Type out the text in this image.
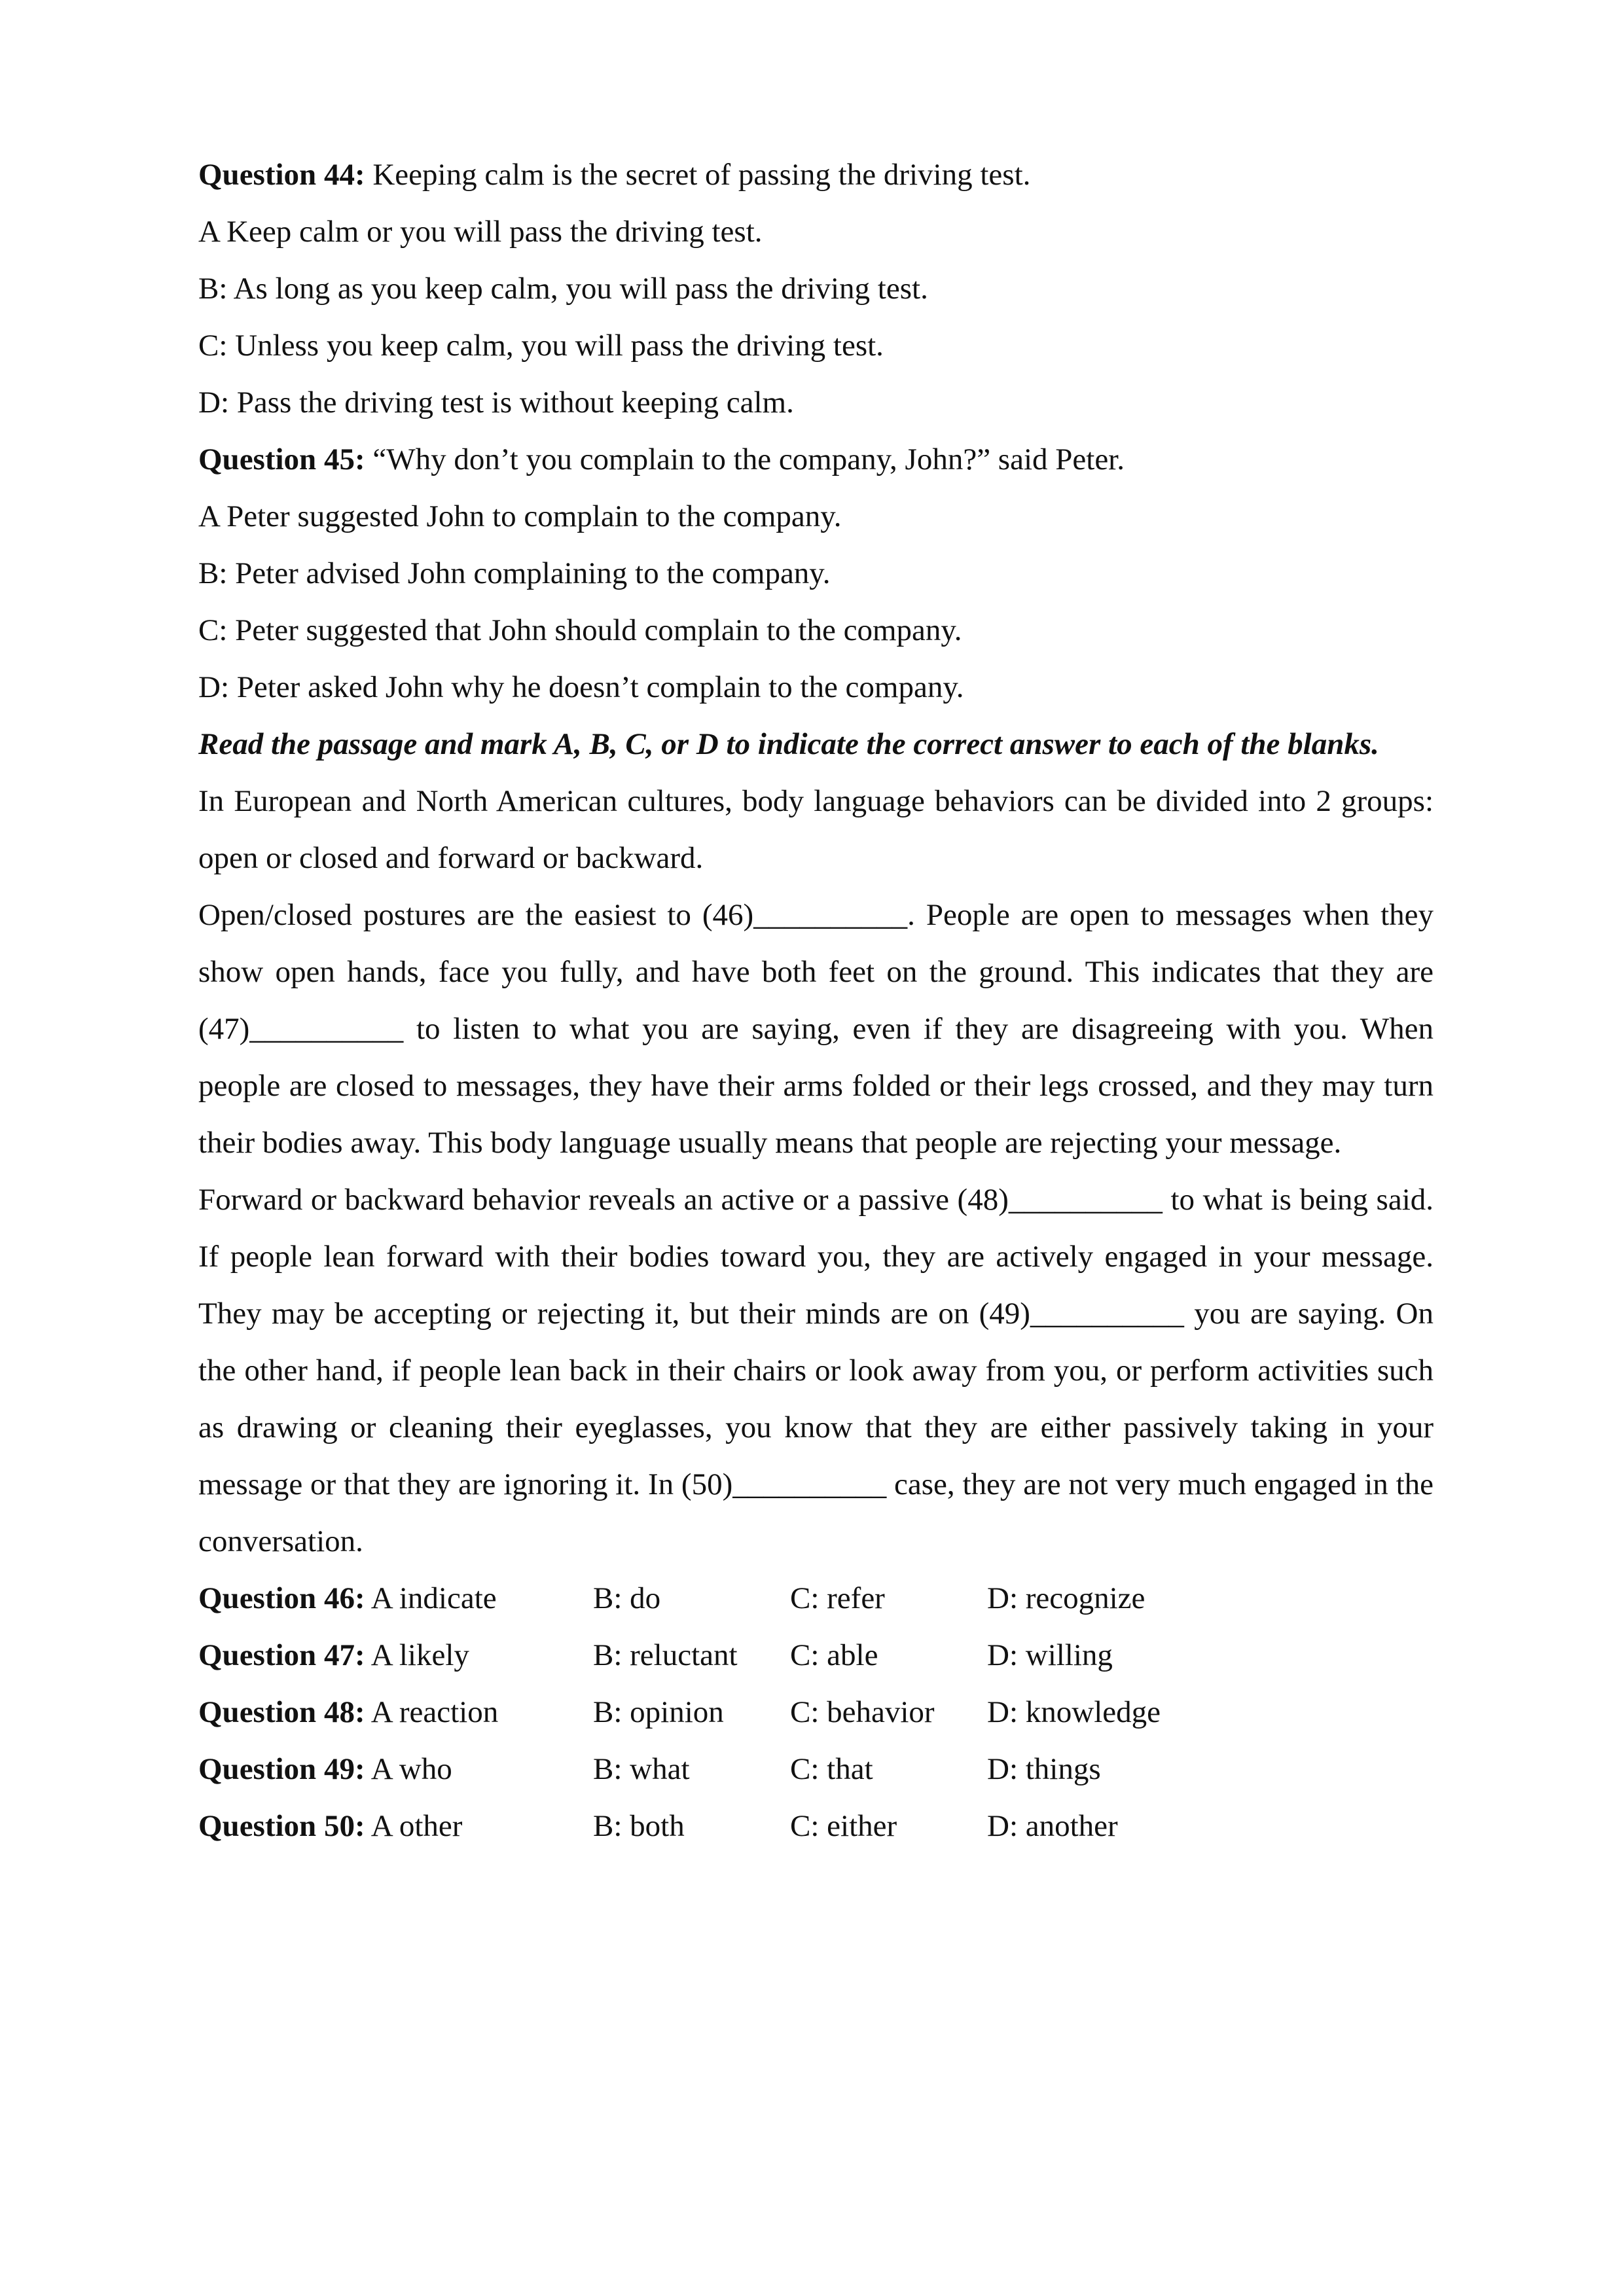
Question 44: Keeping calm is the secret of passing the driving test.

A Keep calm or you will pass the driving test.

B: As long as you keep calm, you will pass the driving test.

C: Unless you keep calm, you will pass the driving test.

D: Pass the driving test is without keeping calm.

Question 45: “Why don’t you complain to the company, John?” said Peter.

A Peter suggested John to complain to the company.

B: Peter advised John complaining to the company.

C: Peter suggested that John should complain to the company.

D: Peter asked John why he doesn’t complain to the company.

Read the passage and mark A, B, C, or D to indicate the correct answer to each of the blanks.

In European and North American cultures, body language behaviors can be divided into 2 groups: open or closed and forward or backward.

Open/closed postures are the easiest to (46)__________. People are open to messages when they show open hands, face you fully, and have both feet on the ground. This indicates that they are (47)__________ to listen to what you are saying, even if they are disagreeing with you. When people are closed to messages, they have their arms folded or their legs crossed, and they may turn their bodies away. This body language usually means that people are rejecting your message.

Forward or backward behavior reveals an active or a passive (48)__________ to what is being said. If people lean forward with their bodies toward you, they are actively engaged in your message. They may be accepting or rejecting it, but their minds are on (49)__________ you are saying. On the other hand, if people lean back in their chairs or look away from you, or perform activities such as drawing or cleaning their eyeglasses, you know that they are either passively taking in your message or that they are ignoring it. In (50)__________ case, they are not very much engaged in the conversation.

Question 46: A indicate	B: do	C: refer	D: recognize
Question 47: A likely	B: reluctant C: able	D: willing
Question 48: A reaction	B: opinion C: behavior D: knowledge
Question 49: A who	B: what	C: that	D: things
Question 50: A other	B: both	C: either	D: another
